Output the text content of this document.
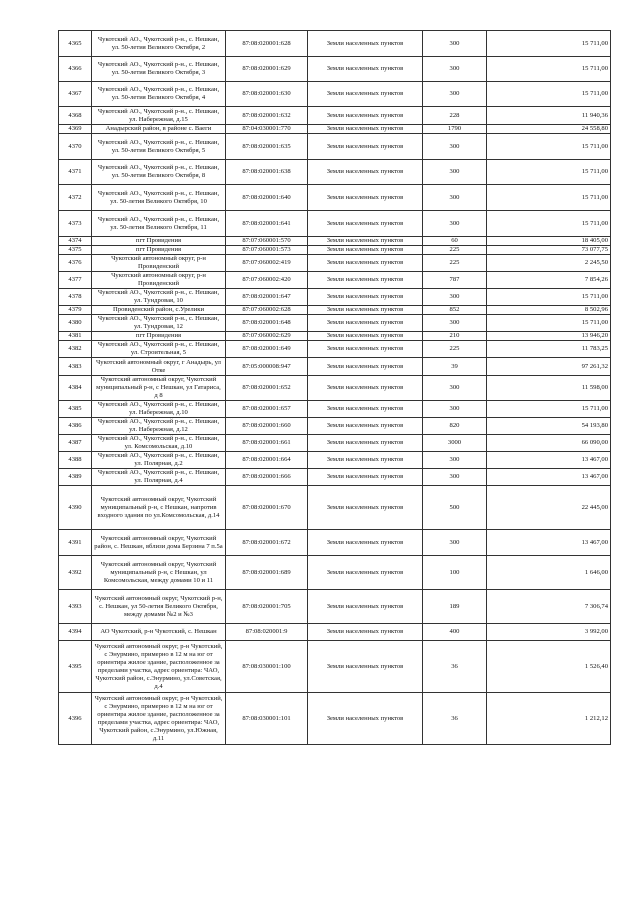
4365	Чукотский АО., Чукотский р-н., с. Нешкан, ул. 50-летия Великого Октября, 2	87:08:020001:628	Земли населенных пунктов	300	15 711,00
4366	Чукотский АО., Чукотский р-н., с. Нешкан, ул. 50-летия Великого Октября, 3	87:08:020001:629	Земли населенных пунктов	300	15 711,00
4367	Чукотский АО., Чукотский р-н., с. Нешкан, ул. 50-летия Великого Октября, 4	87:08:020001:630	Земли населенных пунктов	300	15 711,00
4368	Чукотский АО., Чукотский р-н., с. Нешкан, ул. Набережная, д.15	87:08:020001:632	Земли населенных пунктов	228	11 940,36
4369	Анадырский район, в районе с. Ваеги	87:04:030001:770	Земли населенных пунктов	1790	24 558,80
4370	Чукотский АО., Чукотский р-н., с. Нешкан, ул. 50-летия Великого Октября, 5	87:08:020001:635	Земли населенных пунктов	300	15 711,00
4371	Чукотский АО., Чукотский р-н., с. Нешкан, ул. 50-летия Великого Октября, 8	87:08:020001:638	Земли населенных пунктов	300	15 711,00
4372	Чукотский АО., Чукотский р-н., с. Нешкан, ул. 50-летия Великого Октября, 10	87:08:020001:640	Земли населенных пунктов	300	15 711,00
4373	Чукотский АО., Чукотский р-н., с. Нешкан, ул. 50-летия Великого Октября, 11	87:08:020001:641	Земли населенных пунктов	300	15 711,00
4374	пгт Провидения	87:07:060001:570	Земли населенных пунктов	60	18 405,00
4375	пгт Провидения	87:07:060001:573	Земли населенных пунктов	225	73 077,75
4376	Чукотский автономный округ, р-н Провиденский	87:07:060002:419	Земли населенных пунктов	225	2 245,50
4377	Чукотский автономный округ, р-н Провиденский	87:07:060002:420	Земли населенных пунктов	787	7 854,26
4378	Чукотский АО., Чукотский р-н., с. Нешкан, ул. Тундровая, 10	87:08:020001:647	Земли населенных пунктов	300	15 711,00
4379	Провиденский район, с.Урелики	87:07:060002:628	Земли населенных пунктов	852	8 502,96
4380	Чукотский АО., Чукотский р-н., с. Нешкан, ул. Тундровая, 12	87:08:020001:648	Земли населенных пунктов	300	15 711,00
4381	пгт Провидения	87:07:060002:629	Земли населенных пунктов	210	13 946,20
4382	Чукотский АО., Чукотский р-н., с. Нешкан, ул. Строительная, 5	87:08:020001:649	Земли населенных пунктов	225	11 783,25
4383	Чукотский автономный округ, г Анадырь, ул Отке	87:05:000008:947	Земли населенных пунктов	39	97 261,32
4384	Чукотский автономный округ, Чукотский муниципальный р-н, с Нешкан, ул Гатариса, д 8	87:08:020001:652	Земли населенных пунктов	300	11 598,00
4385	Чукотский АО., Чукотский р-н., с. Нешкан, ул. Набережная, д.10	87:08:020001:657	Земли населенных пунктов	300	15 711,00
4386	Чукотский АО., Чукотский р-н., с. Нешкан, ул. Набережная, д.12	87:08:020001:660	Земли населенных пунктов	820	54 193,80
4387	Чукотский АО., Чукотский р-н., с. Нешкан, ул. Комсомольская, д.10	87:08:020001:661	Земли населенных пунктов	3000	66 090,00
4388	Чукотский АО., Чукотский р-н., с. Нешкан, ул. Полярная, д.2	87:08:020001:664	Земли населенных пунктов	300	13 467,00
4389	Чукотский АО., Чукотский р-н., с. Нешкан, ул. Полярная, д.4	87:08:020001:666	Земли населенных пунктов	300	13 467,00
4390	Чукотский автономный округ, Чукотский муниципальный р-н, с Нешкан, напротив входного здания по ул.Комсомольская, д.14	87:08:020001:670	Земли населенных пунктов	500	22 445,00
4391	Чукотский автономный округ, Чукотский район, с. Нешкан, вблизи дома Берзина 7 п.5а	87:08:020001:672	Земли населенных пунктов	300	13 467,00
4392	Чукотский автономный округ, Чукотский муниципальный р-н, с Нешкан, ул Комсомольская, между домами 10 и 11	87:08:020001:689	Земли населенных пунктов	100	1 646,00
4393	Чукотский автономный округ, Чукотский р-н, с. Нешкан, ул 50-летия Великого Октября, между домами №2 и №3	87:08:020001:705	Земли населенных пунктов	189	7 306,74
4394	АО Чукотский, р-н Чукотский, с. Нешкан	87:08:020001:9	Земли населенных пунктов	400	3 992,00
4395	Чукотский автономный округ, р-н Чукотский, с Энурмино, примерно в 12 м на юг от ориентира жилое здание, расположенное за пределами участка, адрес ориентира: ЧАО, Чукотский район, с.Энурмино, ул.Советская, д.4	87:08:030001:100	Земли населенных пунктов	36	1 526,40
4396	Чукотский автономный округ, р-н Чукотский, с Энурмино, примерно в 12 м на юг от ориентира жилое здание, расположенное за пределами участка, адрес ориентира: ЧАО, Чукотский район, с.Энурмино, ул.Южная, д.11	87:08:030001:101	Земли населенных пунктов	36	1 212,12
